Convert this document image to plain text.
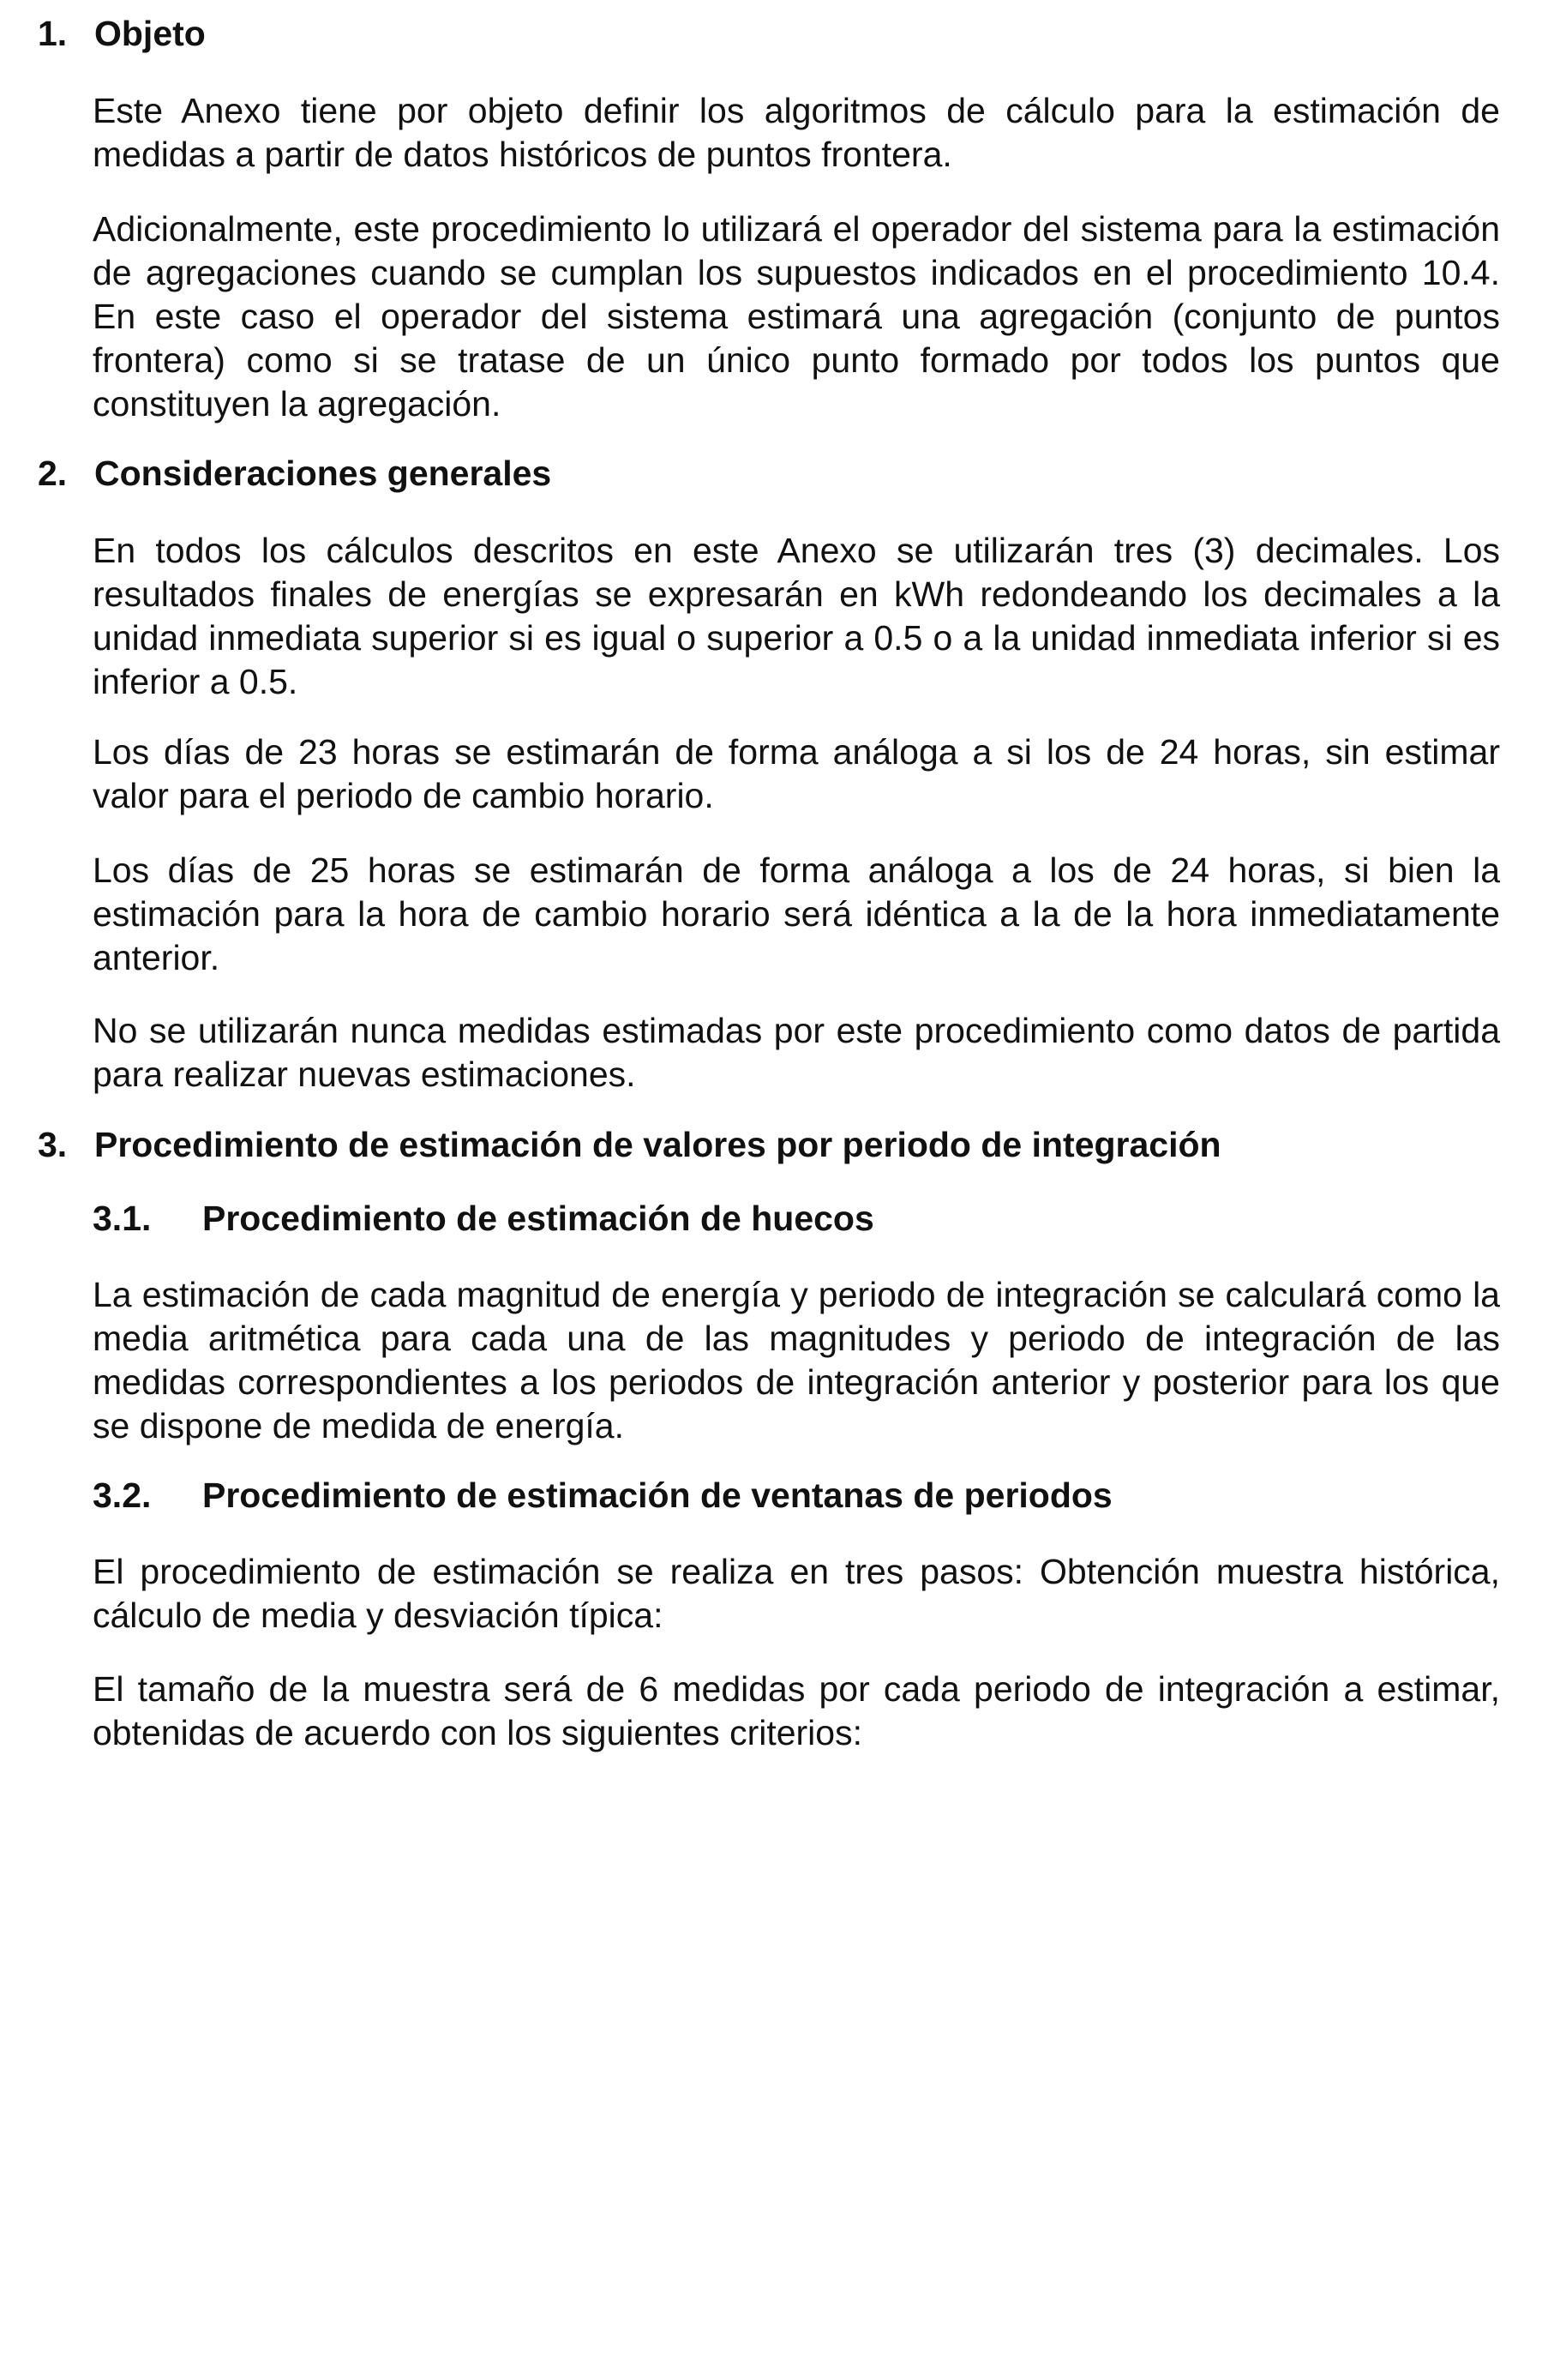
1. Objeto

Este Anexo tiene por objeto definir los algoritmos de cálculo para la estimación de medidas a partir de datos históricos de puntos frontera.

Adicionalmente, este procedimiento lo utilizará el operador del sistema para la estimación de agregaciones cuando se cumplan los supuestos indicados en el procedimiento 10.4. En este caso el operador del sistema estimará una agregación (conjunto de puntos frontera) como si se tratase de un único punto formado por todos los puntos que constituyen la agregación.

2. Consideraciones generales

En todos los cálculos descritos en este Anexo se utilizarán tres (3) decimales. Los resultados finales de energías se expresarán en kWh redondeando los decimales a la unidad inmediata superior si es igual o superior a 0.5 o a la unidad inmediata inferior si es inferior a 0.5.

Los días de 23 horas se estimarán de forma análoga a si los de 24 horas, sin estimar valor para el periodo de cambio horario.

Los días de 25 horas se estimarán de forma análoga a los de 24 horas, si bien la estimación para la hora de cambio horario será idéntica a la de la hora inmediatamente anterior.

No se utilizarán nunca medidas estimadas por este procedimiento como datos de partida para realizar nuevas estimaciones.

3. Procedimiento de estimación de valores por periodo de integración
3.1. Procedimiento de estimación de huecos

La estimación de cada magnitud de energía y periodo de integración se calculará como la media aritmética para cada una de las magnitudes y periodo de integración de las medidas correspondientes a los periodos de integración anterior y posterior para los que se dispone de medida de energía.

3.2. Procedimiento de estimación de ventanas de periodos

El procedimiento de estimación se realiza en tres pasos: Obtención muestra histórica, cálculo de media y desviación típica:

El tamaño de la muestra será de 6 medidas por cada periodo de integración a estimar, obtenidas de acuerdo con los siguientes criterios:
